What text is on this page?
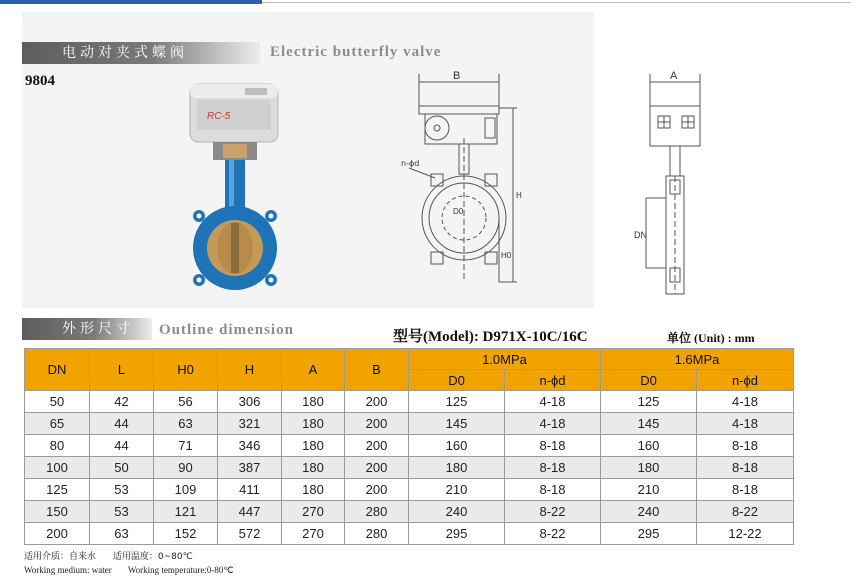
电动对夹式蝶阀	Electric butterfly valve
9804
RC-5
B
n-ϕd
H
H0
D0
A
DN
外形尺寸	Outline dimension	型号(Model): D971X-10C/16C	单位 (Unit) : mm
DN	L	H0	H	A	B	1.0MPa		1.6MPa	
						D0	n-ϕd	D0	n-ϕd
50	42	56	306	180	200	125	4-18	125	4-18
65	44	63	321	180	200	145	4-18	145	4-18
80	44	71	346	180	200	160	8-18	160	8-18
100	50	90	387	180	200	180	8-18	180	8-18
125	53	109	411	180	200	210	8-18	210	8-18
150	53	121	447	270	280	240	8-22	240	8-22
200	63	152	572	270	280	295	8-22	295	12-22
适用介质：自来水 适用温度：0~80℃
Working medium: water Working temperature:0-80℃
